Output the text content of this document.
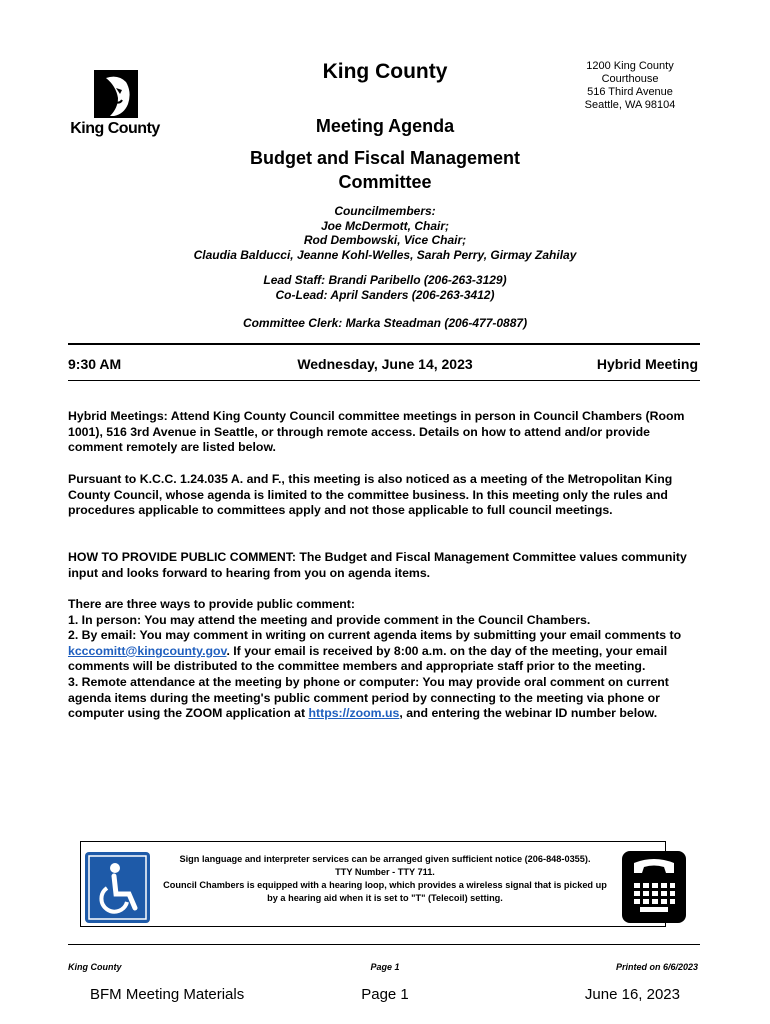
King County
King County	1200 King County
Courthouse
516 Third Avenue
Seattle, WA 98104
Meeting Agenda
Budget and Fiscal Management
Committee
Councilmembers:
Joe McDermott, Chair;
Rod Dembowski, Vice Chair;
Claudia Balducci, Jeanne Kohl-Welles, Sarah Perry, Girmay Zahilay
Lead Staff: Brandi Paribello (206-263-3129)
Co-Lead: April Sanders (206-263-3412)
Committee Clerk: Marka Steadman (206-477-0887)
9:30 AM	Wednesday, June 14, 2023	Hybrid Meeting

Hybrid Meetings: Attend King County Council committee meetings in person in Council Chambers (Room 1001), 516 3rd Avenue in Seattle, or through remote access. Details on how to attend and/or provide comment remotely are listed below.

Pursuant to K.C.C. 1.24.035 A. and F., this meeting is also noticed as a meeting of the Metropolitan King County Council, whose agenda is limited to the committee business. In this meeting only the rules and procedures applicable to committees apply and not those applicable to full council meetings.

HOW TO PROVIDE PUBLIC COMMENT: The Budget and Fiscal Management Committee values community input and looks forward to hearing from you on agenda items.

There are three ways to provide public comment:

1. In person: You may attend the meeting and provide comment in the Council Chambers.

2. By email: You may comment in writing on current agenda items by submitting your email comments to kcccomitt@kingcounty.gov. If your email is received by 8:00 a.m. on the day of the meeting, your email comments will be distributed to the committee members and appropriate staff prior to the meeting.

3. Remote attendance at the meeting by phone or computer: You may provide oral comment on current agenda items during the meeting's public comment period by connecting to the meeting via phone or computer using the ZOOM application at https://zoom.us, and entering the webinar ID number below.

Sign language and interpreter services can be arranged given sufficient notice (206-848-0355).
TTY Number - TTY 711.
Council Chambers is equipped with a hearing loop, which provides a wireless signal that is picked up
by a hearing aid when it is set to "T" (Telecoil) setting.
King County	Page 1	Printed on 6/6/2023
BFM Meeting Materials	Page 1	June 16, 2023
